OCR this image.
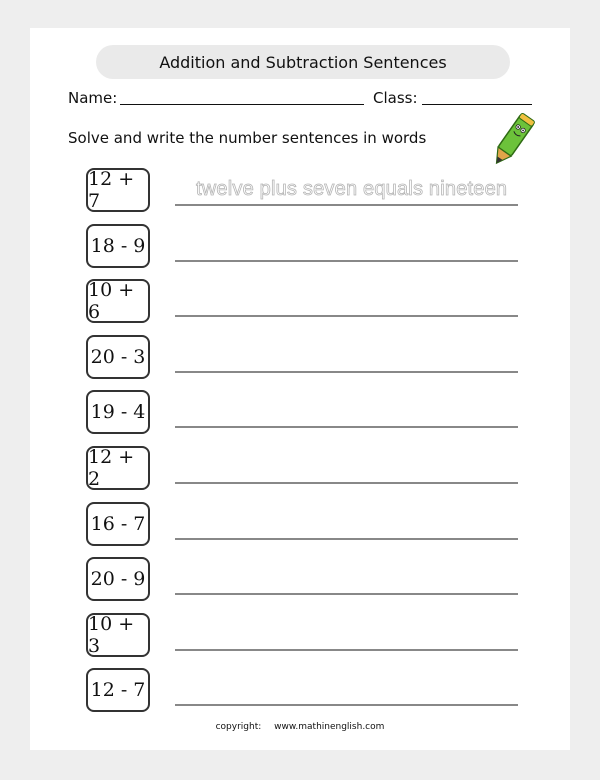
Addition and Subtraction Sentences
Name:	Class:
Solve and write the number sentences in words
12 + 7
twelve plus seven equals nineteen
18 - 9
10 + 6
20 - 3
19 - 4
12 + 2
16 - 7
20 - 9
10 + 3
12 - 7
copyright: www.mathinenglish.com
